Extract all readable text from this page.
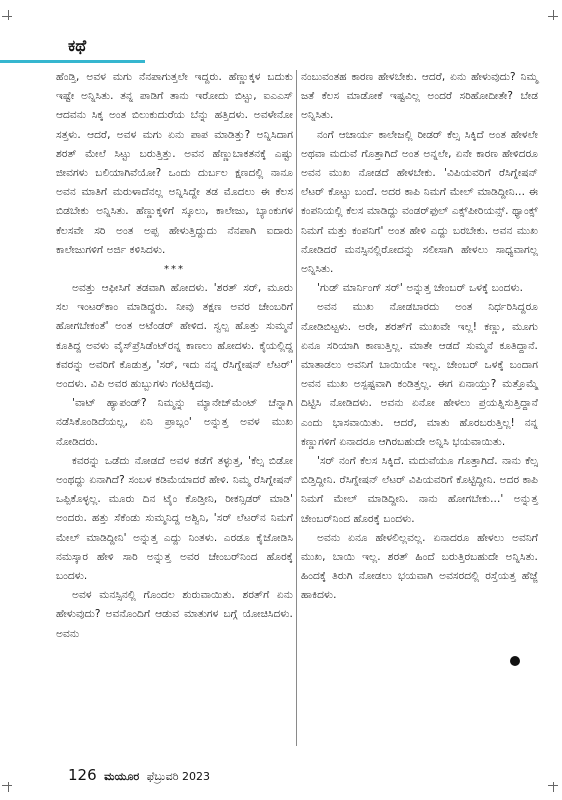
ಕಥೆ

ಹೆಂಡ್ತಿ, ಅವಳ ಮಗು ನೆನಪಾಗುತ್ತಲೇ ಇದ್ದರು. ಹೆಣ್ಣುಕ್ಕಳ ಬದುಕು ಇಷ್ಟೇ ಅನ್ನಿಸಿತು. ತನ್ನ ಪಾಡಿಗೆ ತಾನು ಇರೋದು ಬಿಟ್ಟು, ಐಎಎಸ್ ಆದವನು ಸಿಕ್ಕ ಅಂತ ಬಿಲುಕುದುರೆಯ ಬೆನ್ನು ಹತ್ತಿದಳು. ಅವಳೇನೋ ಸತ್ತಳು. ಆದರೆ, ಅವಳ ಮಗು ಏನು ಪಾಪ ಮಾಡಿತ್ತು? ಅನ್ನಿಸಿದಾಗ ಶರತ್ ಮೇಲೆ ಸಿಟ್ಟು ಬರುತ್ತಿತ್ತು. ಅವನ ಹೆಣ್ಣುಬಾಕತನಕ್ಕೆ ಎಷ್ಟು ಜೀವಗಳು ಬಲಿಯಾಗಿವೆಯೋ? ಒಂದು ದುರ್ಬಲ ಕ್ಷಣದಲ್ಲಿ ನಾನೂ ಅವನ ಮಾತಿಗೆ ಮರುಳಾದೆನಲ್ಲ ಅನ್ನಿಸಿದ್ದೇ ತಡ ಮೊದಲು ಈ ಕೆಲಸ ಬಿಡಬೇಕು ಅನ್ನಿಸಿತು. ಹೆಣ್ಣುಕ್ಕಳಿಗೆ ಸ್ಕೂಲು, ಕಾಲೇಜು, ಬ್ಯಾಂಕುಗಳ ಕೆಲಸವೇ ಸರಿ ಅಂತ ಅಪ್ಪ ಹೇಳುತ್ತಿದ್ದುದು ನೆನಪಾಗಿ ಐದಾರು ಕಾಲೇಜುಗಳಿಗೆ ಅರ್ಜಿ ಕಳಿಸಿದಳು.

***

ಅವತ್ತು ಆಫೀಸಿಗೆ ತಡವಾಗಿ ಹೋದಳು. 'ಶರತ್ ಸರ್, ಮೂರು ಸಲ ಇಂಟರ್‌ಕಾಂ ಮಾಡಿದ್ದರು. ನೀವು ತಕ್ಷಣ ಅವರ ಚೇಂಬರಿಗೆ ಹೋಗಬೇಕಂತೆ' ಅಂತ ಅಟೆಂಡರ್ ಹೇಳಿದ. ಸ್ವಲ್ಪ ಹೊತ್ತು ಸುಮ್ಮನೆ ಕೂತಿದ್ದ ಅವಳು ವೈಸ್‌ಪ್ರೆಸಿಡೆಂಟ್‌ರನ್ನ ಕಾಣಲು ಹೋದಳು. ಕೈಯಲ್ಲಿದ್ದ ಕವರನ್ನು ಅವರಿಗೆ ಕೊಡುತ್ತ, 'ಸರ್, ಇದು ನನ್ನ ರೆಸಿಗ್ನೇಷನ್ ಲೆಟರ್' ಅಂದಳು. ವಿಪಿ ಅವರ ಹುಬ್ಬುಗಳು ಗಂಟಿಕ್ಕಿದವು.

'ವಾಟ್ ಹ್ಯಾಪಂಡ್? ನಿಮ್ಮನ್ನು ಮ್ಯಾನೇಜ್‌ಮೆಂಟ್ ಚೆನ್ನಾಗಿ ನಡೆಸಿಕೊಂಡಿದೆಯಲ್ಲ, ಏನಿ ಪ್ರಾಬ್ಲಂ' ಅನ್ನುತ್ತ ಅವಳ ಮುಖ ನೋಡಿದರು.

ಕವರನ್ನು ಒಡೆದು ನೋಡದೆ ಅವಳ ಕಡೆಗೆ ತಳ್ಳುತ್ತ, 'ಕೆಲ್ಸ ಬಿಡೋ ಅಂಥದ್ದು ಏನಾಗಿದೆ? ಸಂಬಳ ಕಡಿಮೆಯಾದರೆ ಹೇಳಿ. ನಿಮ್ಮ ರೆಸಿಗ್ನೇಷನ್ ಒಪ್ಪಿಕೊಳ್ಳಲ್ಲ. ಮೂರು ದಿನ ಟೈಂ ಕೊಡ್ತೀನಿ, ರೀಕನ್ಸಿಡರ್ ಮಾಡಿ' ಅಂದರು. ಹತ್ತು ಸೆಕೆಂಡು ಸುಮ್ಮನಿದ್ದ ಅಶ್ವಿನಿ, 'ಸರ್ ಲೆಟರ್‌ನ ನಿಮಗೆ ಮೇಲ್ ಮಾಡಿದ್ದೀನಿ' ಅನ್ನುತ್ತ ಎದ್ದು ನಿಂತಳು. ಎರಡೂ ಕೈಜೋಡಿಸಿ ನಮಸ್ಕಾರ ಹೇಳಿ ಸಾರಿ ಅನ್ನುತ್ತ ಅವರ ಚೇಂಬರ್‌ನಿಂದ ಹೊರಕ್ಕೆ ಬಂದಳು.

ಅವಳ ಮನಸ್ಸಿನಲ್ಲಿ ಗೊಂದಲ ಶುರುವಾಯಿತು. ಶರತ್‌ಗೆ ಏನು ಹೇಳುವುದು? ಅವನೊಂದಿಗೆ ಆಡುವ ಮಾತುಗಳ ಬಗ್ಗೆ ಯೋಚಿಸಿದಳು. ಅವನು

ನಂಬುವಂತಹ ಕಾರಣ ಹೇಳಬೇಕು. ಆದರೆ, ಏನು ಹೇಳುವುದು? ನಿಮ್ಮ ಜತೆ ಕೆಲಸ ಮಾಡೋಕೆ ಇಷ್ಟವಿಲ್ಲ ಅಂದರೆ ಸರಿಹೋದೀತೇ? ಬೇಡ ಅನ್ನಿಸಿತು.

ನಂಗೆ ಆಚಾರ್ಯ ಕಾಲೇಜಲ್ಲಿ ರೀಡರ್ ಕೆಲ್ಸ ಸಿಕ್ಕಿದೆ ಅಂತ ಹೇಳಲೇ ಅಥವಾ ಮದುವೆ ಗೊತ್ತಾಗಿದೆ ಅಂತ ಅನ್ನಲೇ, ಏನೇ ಕಾರಣ ಹೇಳಿದರೂ ಅವನ ಮುಖ ನೋಡದೆ ಹೇಳಬೇಕು. 'ವಿಪಿಯವರಿಗೆ ರೆಸಿಗ್ನೇಷನ್ ಲೆಟರ್ ಕೊಟ್ಟು ಬಂದೆ. ಅದರ ಕಾಪಿ ನಿಮಗೆ ಮೇಲ್ ಮಾಡಿದ್ದೀನಿ... ಈ ಕಂಪನಿಯಲ್ಲಿ ಕೆಲಸ ಮಾಡಿದ್ದು ವಂಡರ್‌ಫುಲ್ ಎಕ್ಸ್‌ಪೀರಿಯನ್ಸ್. ಥ್ಯಾಂಕ್ಸ್ ನಿಮಗೆ ಮತ್ತು ಕಂಪನಿಗೆ' ಅಂತ ಹೇಳಿ ಎದ್ದು ಬರಬೇಕು. ಅವನ ಮುಖ ನೋಡಿದರೆ ಮನಸ್ಸಿನಲ್ಲಿರೋದನ್ನು ಸಲೀಸಾಗಿ ಹೇಳಲು ಸಾಧ್ಯವಾಗಲ್ಲ ಅನ್ನಿಸಿತು.

'ಗುಡ್ ಮಾರ್ನಿಂಗ್ ಸರ್' ಅನ್ನುತ್ತ ಚೇಂಬರ್ ಒಳಕ್ಕೆ ಬಂದಳು.

ಅವನ ಮುಖ ನೋಡಬಾರದು ಅಂತ ನಿರ್ಧರಿಸಿದ್ದರೂ ನೋಡಿಬಿಟ್ಟಳು. ಅರೇ, ಶರತ್‌ಗೆ ಮುಖವೇ ಇಲ್ಲ! ಕಣ್ಣು, ಮೂಗು ಏನೂ ಸರಿಯಾಗಿ ಕಾಣುತ್ತಿಲ್ಲ. ಮಾತೇ ಆಡದೆ ಸುಮ್ಮನೆ ಕೂತಿದ್ದಾನೆ. ಮಾತಾಡಲು ಅವನಿಗೆ ಬಾಯಿಯೇ ಇಲ್ಲ. ಚೇಂಬರ್ ಒಳಕ್ಕೆ ಬಂದಾಗ ಅವನ ಮುಖ ಅಸ್ಪಷ್ಟವಾಗಿ ಕಂಡಿತ್ತಲ್ಲ. ಈಗ ಏನಾಯ್ತು? ಮತ್ತೊಮ್ಮೆ ದಿಟ್ಟಿಸಿ ನೋಡಿದಳು. ಅವನು ಏನೋ ಹೇಳಲು ಪ್ರಯತ್ನಿಸುತ್ತಿದ್ದಾನೆ ಎಂದು ಭಾಸವಾಯಿತು. ಆದರೆ, ಮಾತು ಹೊರಬರುತ್ತಿಲ್ಲ! ನನ್ನ ಕಣ್ಣುಗಳಿಗೆ ಏನಾದರೂ ಆಗಿರಬಹುದೇ ಅನ್ನಿಸಿ ಭಯವಾಯಿತು.

'ಸರ್ ನಂಗೆ ಕೆಲಸ ಸಿಕ್ಕಿದೆ. ಮದುವೆಯೂ ಗೊತ್ತಾಗಿದೆ. ನಾನು ಕೆಲ್ಸ ಬಿಡ್ತಿದ್ದೀನಿ. ರೆಸಿಗ್ನೇಷನ್ ಲೆಟರ್ ವಿಪಿಯವರಿಗೆ ಕೊಟ್ಟಿದ್ದೀನಿ. ಅದರ ಕಾಪಿ ನಿಮಗೆ ಮೇಲ್ ಮಾಡಿದ್ದೀನಿ. ನಾನು ಹೋಗಬೇಕು...' ಅನ್ನುತ್ತ ಚೇಂಬರ್‌ನಿಂದ ಹೊರಕ್ಕೆ ಬಂದಳು.

ಅವನು ಏನೂ ಹೇಳಲಿಲ್ಲವಲ್ಲ. ಏನಾದರೂ ಹೇಳಲು ಅವನಿಗೆ ಮುಖ, ಬಾಯಿ ಇಲ್ಲ. ಶರತ್ ಹಿಂದೆ ಬರುತ್ತಿರಬಹುದೇ ಅನ್ನಿಸಿತು. ಹಿಂದಕ್ಕೆ ತಿರುಗಿ ನೋಡಲು ಭಯವಾಗಿ ಅವಸರದಲ್ಲಿ ರಸ್ತೆಯತ್ತ ಹೆಜ್ಜೆ ಹಾಕಿದಳು.

126 ಮಯೂರ ಫೆಬ್ರುವರಿ 2023
